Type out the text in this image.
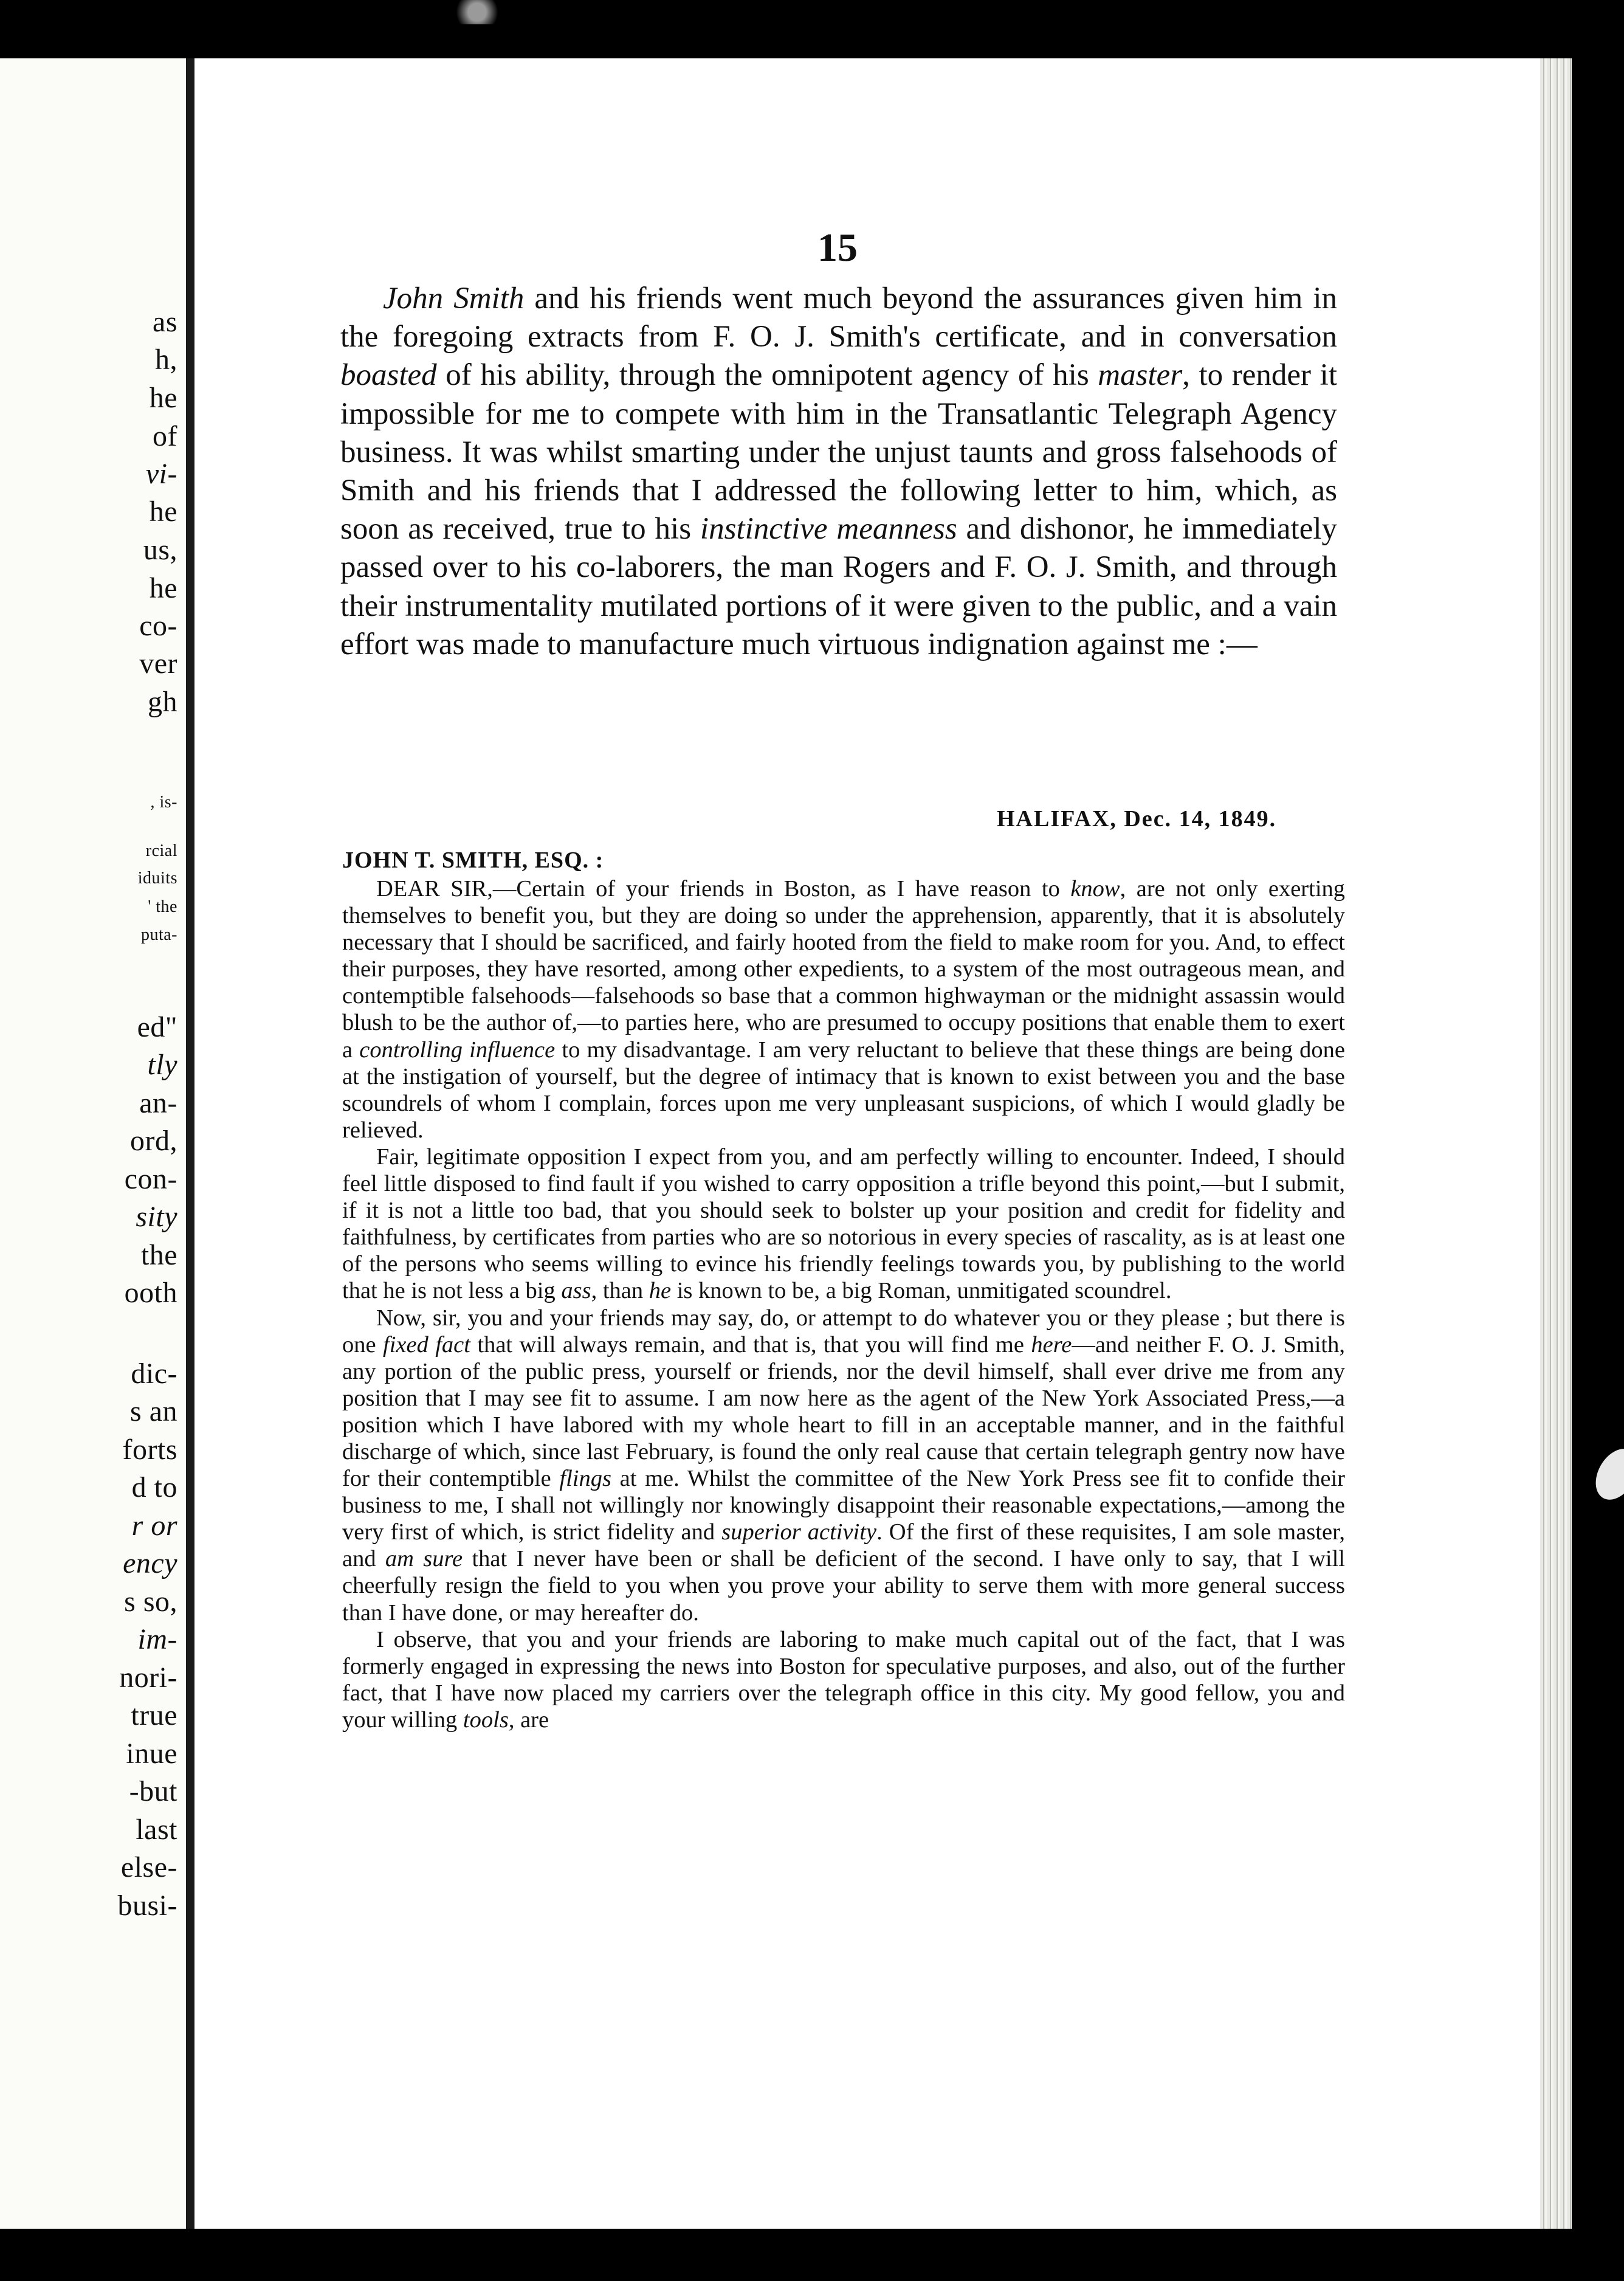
as
h,
he
of
vi-
he
us,
he
co-
ver
gh
, is-
rcial
iduits
' the
puta-
ed"
tly
an-
ord,
con-
sity
the
ooth
dic-
s an
forts
d to
r or
ency
s so,
im-
nori-
true
inue
-but
last
else-
busi-
15

John Smith and his friends went much beyond the assurances given him in the foregoing extracts from F. O. J. Smith's certificate, and in conversation boasted of his ability, through the omnipotent agency of his master, to render it impossible for me to compete with him in the Transatlantic Telegraph Agency business. It was whilst smarting under the unjust taunts and gross falsehoods of Smith and his friends that I addressed the following letter to him, which, as soon as received, true to his instinctive meanness and dishonor, he immediately passed over to his co-laborers, the man Rogers and F. O. J. Smith, and through their instrumentality mutilated portions of it were given to the public, and a vain effort was made to manufacture much virtuous indignation against me :—

HALIFAX, Dec. 14, 1849.
JOHN T. SMITH, ESQ. :

DEAR SIR,—Certain of your friends in Boston, as I have reason to know, are not only exerting themselves to benefit you, but they are doing so under the apprehension, apparently, that it is absolutely necessary that I should be sacrificed, and fairly hooted from the field to make room for you. And, to effect their purposes, they have resorted, among other expedients, to a system of the most outrageous mean, and contemptible falsehoods—falsehoods so base that a common highwayman or the midnight assassin would blush to be the author of,—to parties here, who are presumed to occupy positions that enable them to exert a controlling influence to my disadvantage. I am very reluctant to believe that these things are being done at the instigation of yourself, but the degree of intimacy that is known to exist between you and the base scoundrels of whom I complain, forces upon me very unpleasant suspicions, of which I would gladly be relieved.

Fair, legitimate opposition I expect from you, and am perfectly willing to encounter. Indeed, I should feel little disposed to find fault if you wished to carry opposition a trifle beyond this point,—but I submit, if it is not a little too bad, that you should seek to bolster up your position and credit for fidelity and faithfulness, by certificates from parties who are so notorious in every species of rascality, as is at least one of the persons who seems willing to evince his friendly feelings towards you, by publishing to the world that he is not less a big ass, than he is known to be, a big Roman, unmitigated scoundrel.

Now, sir, you and your friends may say, do, or attempt to do whatever you or they please ; but there is one fixed fact that will always remain, and that is, that you will find me here—and neither F. O. J. Smith, any portion of the public press, yourself or friends, nor the devil himself, shall ever drive me from any position that I may see fit to assume. I am now here as the agent of the New York Associated Press,—a position which I have labored with my whole heart to fill in an acceptable manner, and in the faithful discharge of which, since last February, is found the only real cause that certain telegraph gentry now have for their contemptible flings at me. Whilst the committee of the New York Press see fit to confide their business to me, I shall not willingly nor knowingly disappoint their reasonable expectations,—among the very first of which, is strict fidelity and superior activity. Of the first of these requisites, I am sole master, and am sure that I never have been or shall be deficient of the second. I have only to say, that I will cheerfully resign the field to you when you prove your ability to serve them with more general success than I have done, or may hereafter do.

I observe, that you and your friends are laboring to make much capital out of the fact, that I was formerly engaged in expressing the news into Boston for speculative purposes, and also, out of the further fact, that I have now placed my carriers over the telegraph office in this city. My good fellow, you and your willing tools, are
